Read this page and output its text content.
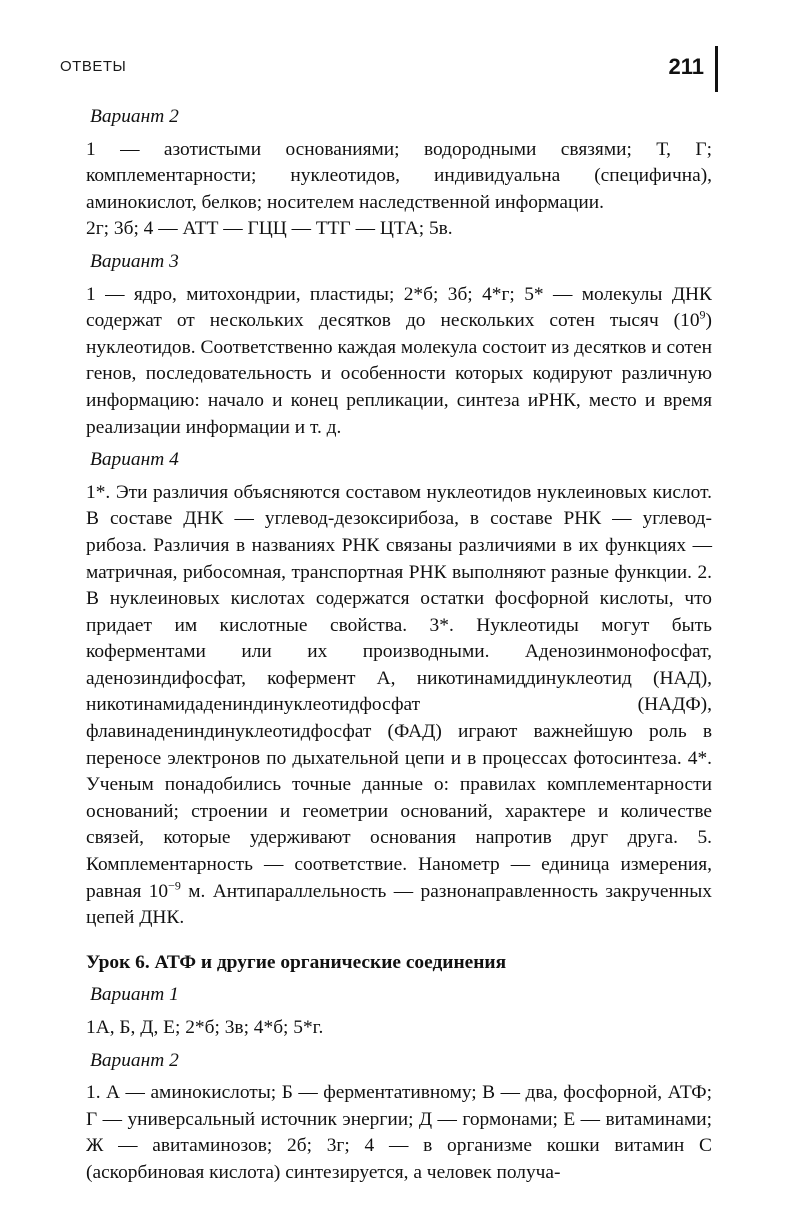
ОТВЕТЫ	211
Вариант 2

1 — азотистыми основаниями; водородными связями; Т, Г; комплементарности; нуклеотидов, индивидуальна (специфична), аминокислот, белков; носителем наследственной информации.

2г; 3б; 4 — АТТ — ГЦЦ — ТТГ — ЦТА; 5в.

Вариант 3

1 — ядро, митохондрии, пластиды; 2*б; 3б; 4*г; 5* — молекулы ДНК содержат от нескольких десятков до нескольких сотен тысяч $(10^9)$ нуклеотидов. Соответственно каждая молекула состоит из десятков и сотен генов, последовательность и особенности которых кодируют различную информацию: начало и конец репликации, синтеза иРНК, место и время реализации информации и т. д.

Вариант 4

1*. Эти различия объясняются составом нуклеотидов нуклеиновых кислот. В составе ДНК — углевод-дезоксирибоза, в составе РНК — углевод-рибоза. Различия в названиях РНК связаны различиями в их функциях — матричная, рибосомная, транспортная РНК выполняют разные функции. 2. В нуклеиновых кислотах содержатся остатки фосфорной кислоты, что придает им кислотные свойства. 3*. Нуклеотиды могут быть коферментами или их производными. Аденозинмонофосфат, аденозиндифосфат, кофермент А, никотинамиддинуклеотид (НАД), никотинамидадениндинуклеотидфосфат (НАДФ), флавинадениндинуклеотидфосфат (ФАД) играют важнейшую роль в переносе электронов по дыхательной цепи и в процессах фотосинтеза. 4*. Ученым понадобились точные данные о: правилах комплементарности оснований; строении и геометрии оснований, характере и количестве связей, которые удерживают основания напротив друг друга. 5. Комплементарность — соответствие. Нанометр — единица измерения, равная $10^{-9}$ м. Антипараллельность — разнонаправленность закрученных цепей ДНК.

Урок 6. АТФ и другие органические соединения
Вариант 1

1А, Б, Д, Е; 2*б; 3в; 4*б; 5*г.

Вариант 2

1. А — аминокислоты; Б — ферментативному; В — два, фосфорной, АТФ; Г — универсальный источник энергии; Д — гормонами; Е — витаминами; Ж — авитаминозов; 2б; 3г; 4 — в организме кошки витамин С (аскорбиновая кислота) синтезируется, а человек получа-
